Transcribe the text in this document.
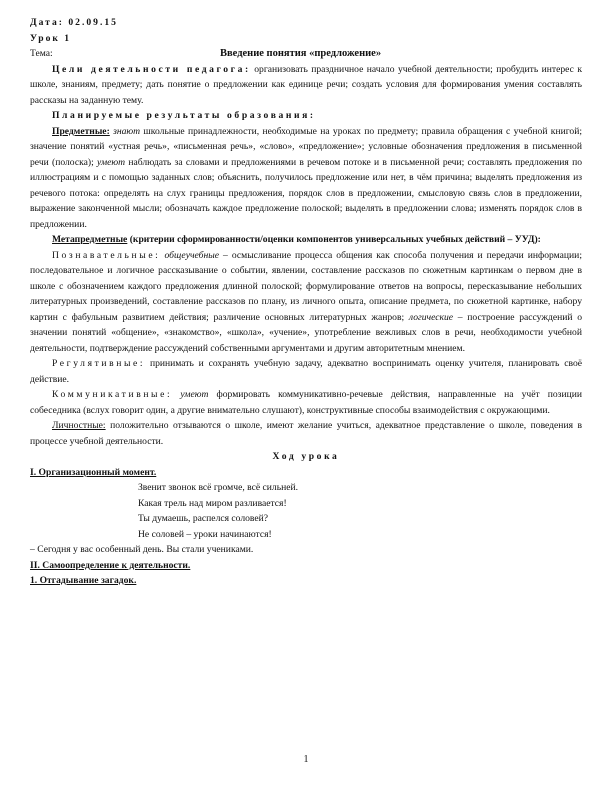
Дата: 02.09.15
Урок 1
Тема:	Введение понятия «предложение»
Цели деятельности педагога: организовать праздничное начало учебной деятельности; пробудить интерес к школе, знаниям, предмету; дать понятие о предложении как единице речи; создать условия для формирования умения составлять рассказы на заданную тему.
Планируемые результаты образования:
Предметные: знают школьные принадлежности, необходимые на уроках по предмету; правила обращения с учебной книгой; значение понятий «устная речь», «письменная речь», «слово», «предложение»; условные обозначения предложения в письменной речи (полоска); умеют наблюдать за словами и предложениями в речевом потоке и в письменной речи; составлять предложения по иллюстрациям и с помощью заданных слов; объяснить, получилось предложение или нет, в чём причина; выделять предложения из речевого потока: определять на слух границы предложения, порядок слов в предложении, смысловую связь слов в предложении, выражение законченной мысли; обозначать каждое предложение полоской; выделять в предложении слова; изменять порядок слов в предложении.
Метапредметные (критерии сформированности/оценки компонентов универсальных учебных действий – УУД):
Познавательные: общеучебные – осмысливание процесса общения как способа получения и передачи информации; последовательное и логичное рассказывание о событии, явлении, составление рассказов по сюжетным картинкам о первом дне в школе с обозначением каждого предложения длинной полоской; формулирование ответов на вопросы, пересказывание небольших литературных произведений, составление рассказов по плану, из личного опыта, описание предмета, по сюжетной картинке, набору картин с фабульным развитием действия; различение основных литературных жанров; логические – построение рассуждений о значении понятий «общение», «знакомство», «школа», «учение», употребление вежливых слов в речи, необходимости учебной деятельности, подтверждение рассуждений собственными аргументами и другим авторитетным мнением.
Регулятивные: принимать и сохранять учебную задачу, адекватно воспринимать оценку учителя, планировать своё действие.
Коммуникативные: умеют формировать коммуникативно-речевые действия, направленные на учёт позиции собеседника (вслух говорит один, а другие внимательно слушают), конструктивные способы взаимодействия с окружающими.
Личностные: положительно отзываются о школе, имеют желание учиться, адекватное представление о школе, поведения в процессе учебной деятельности.
Ход урока
I. Организационный момент.
Звенит звонок всё громче, всё сильней.
Какая трель над миром разливается!
Ты думаешь, распелся соловей?
Не соловей – уроки начинаются!
– Сегодня у вас особенный день. Вы стали учениками.
II. Самоопределение к деятельности.
1. Отгадывание загадок.
1
